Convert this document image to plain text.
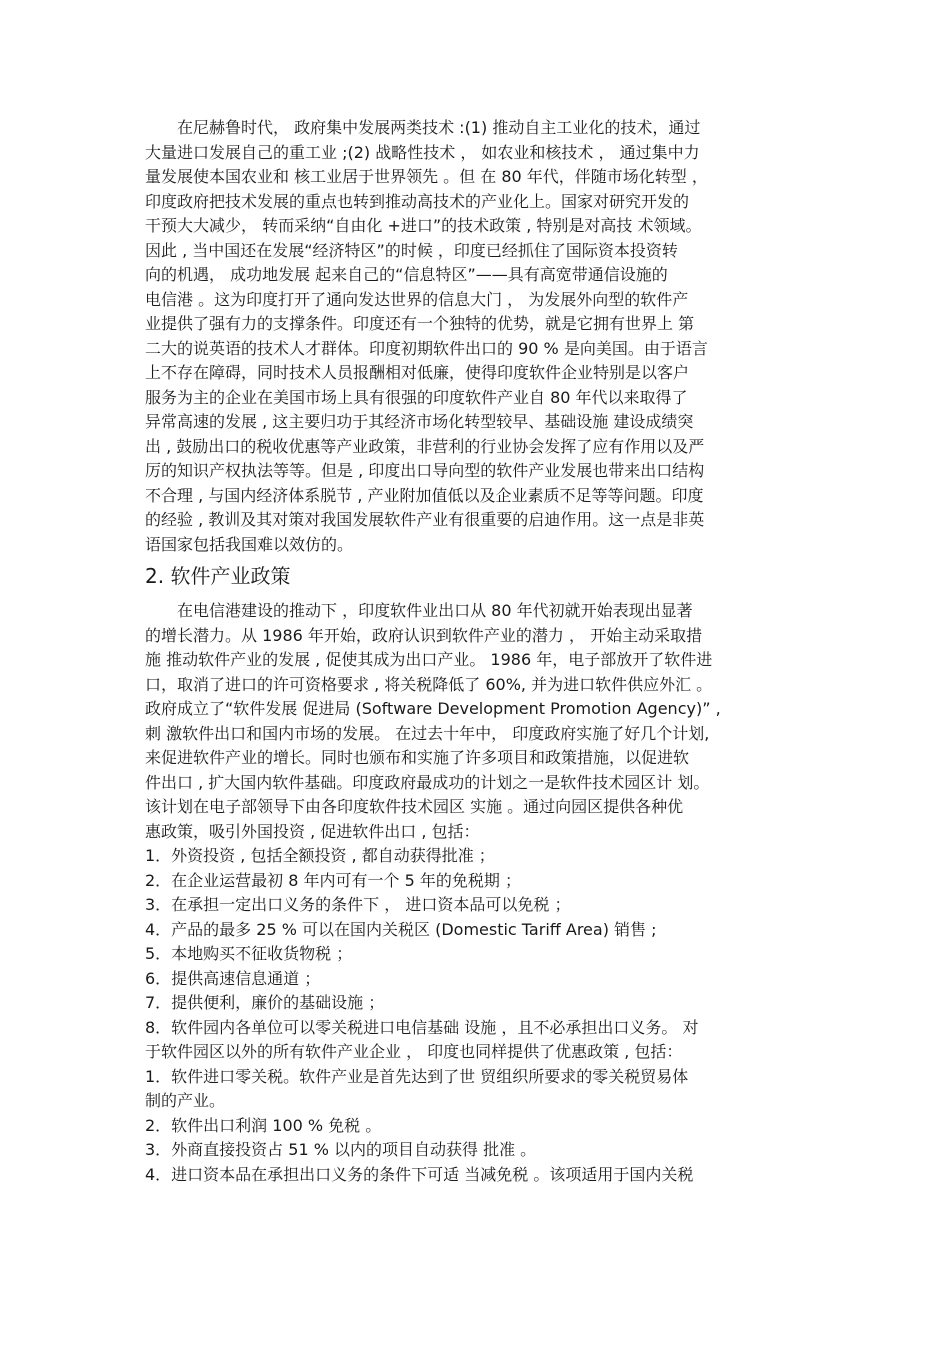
　　在尼赫鲁时代， 政府集中发展两类技术 :(1) 推动自主工业化的技术，通过
大量进口发展自己的重工业 ;(2) 战略性技术 ， 如农业和核技术 ， 通过集中力
量发展使本国农业和 核工业居于世界领先 。但 在 80 年代，伴随市场化转型 ，
印度政府把技术发展的重点也转到推动高技术的产业化上。国家对研究开发的
干预大大减少， 转而采纳“自由化 +进口”的技术政策 , 特别是对高技 术领域。
因此 , 当中国还在发展“经济特区”的时候 ，印度已经抓住了国际资本投资转
向的机遇， 成功地发展 起来自己的“信息特区”——具有高宽带通信设施的
电信港 。这为印度打开了通向发达世界的信息大门 ， 为发展外向型的软件产
业提供了强有力的支撑条件。印度还有一个独特的优势，就是它拥有世界上 第
二大的说英语的技术人才群体。印度初期软件出口的 90 % 是向美国。由于语言
上不存在障碍，同时技术人员报酬相对低廉，使得印度软件企业特别是以客户
服务为主的企业在美国市场上具有很强的印度软件产业自 80 年代以来取得了
异常高速的发展 , 这主要归功于其经济市场化转型较早、基础设施 建设成绩突
出 , 鼓励出口的税收优惠等产业政策，非营利的行业协会发挥了应有作用以及严
厉的知识产权执法等等。但是 , 印度出口导向型的软件产业发展也带来出口结构
不合理 , 与国内经济体系脱节 , 产业附加值低以及企业素质不足等等问题。印度
的经验 , 教训及其对策对我国发展软件产业有很重要的启迪作用。这一点是非英
语国家包括我国难以效仿的。
2. 软件产业政策
　　在电信港建设的推动下 ，印度软件业出口从 80 年代初就开始表现出显著
的增长潜力。从 1986 年开始，政府认识到软件产业的潜力 ， 开始主动采取措
施 推动软件产业的发展 , 促使其成为出口产业。 1986 年，电子部放开了软件进
口，取消了进口的许可资格要求 , 将关税降低了 60%, 并为进口软件供应外汇 。
政府成立了“软件发展 促进局 (Software Development Promotion Agency)” ,
刺 激软件出口和国内市场的发展。 在过去十年中， 印度政府实施了好几个计划,
来促进软件产业的增长。同时也颁布和实施了许多项目和政策措施，以促进软
件出口 , 扩大国内软件基础。印度政府最成功的计划之一是软件技术园区计 划。
该计划在电子部领导下由各印度软件技术园区 实施 。通过向园区提供各种优
惠政策，吸引外国投资 , 促进软件出口 , 包括：
1．外资投资 , 包括全额投资 , 都自动获得批准 ；
2．在企业运营最初 8 年内可有一个 5 年的免税期 ；
3．在承担一定出口义务的条件下 ， 进口资本品可以免税 ；
4．产品的最多 25 % 可以在国内关税区 (Domestic Tariff Area) 销售 ;
5．本地购买不征收货物税 ；
6．提供高速信息通道 ；
7．提供便利，廉价的基础设施 ；
8．软件园内各单位可以零关税进口电信基础 设施 ，且不必承担出口义务。 对
于软件园区以外的所有软件产业企业 ， 印度也同样提供了优惠政策 , 包括：
1．软件进口零关税。软件产业是首先达到了世 贸组织所要求的零关税贸易体
制的产业。
2．软件出口利润 100 % 免税 。
3．外商直接投资占 51 % 以内的项目自动获得 批准 。
4．进口资本品在承担出口义务的条件下可适 当减免税 。该项适用于国内关税
